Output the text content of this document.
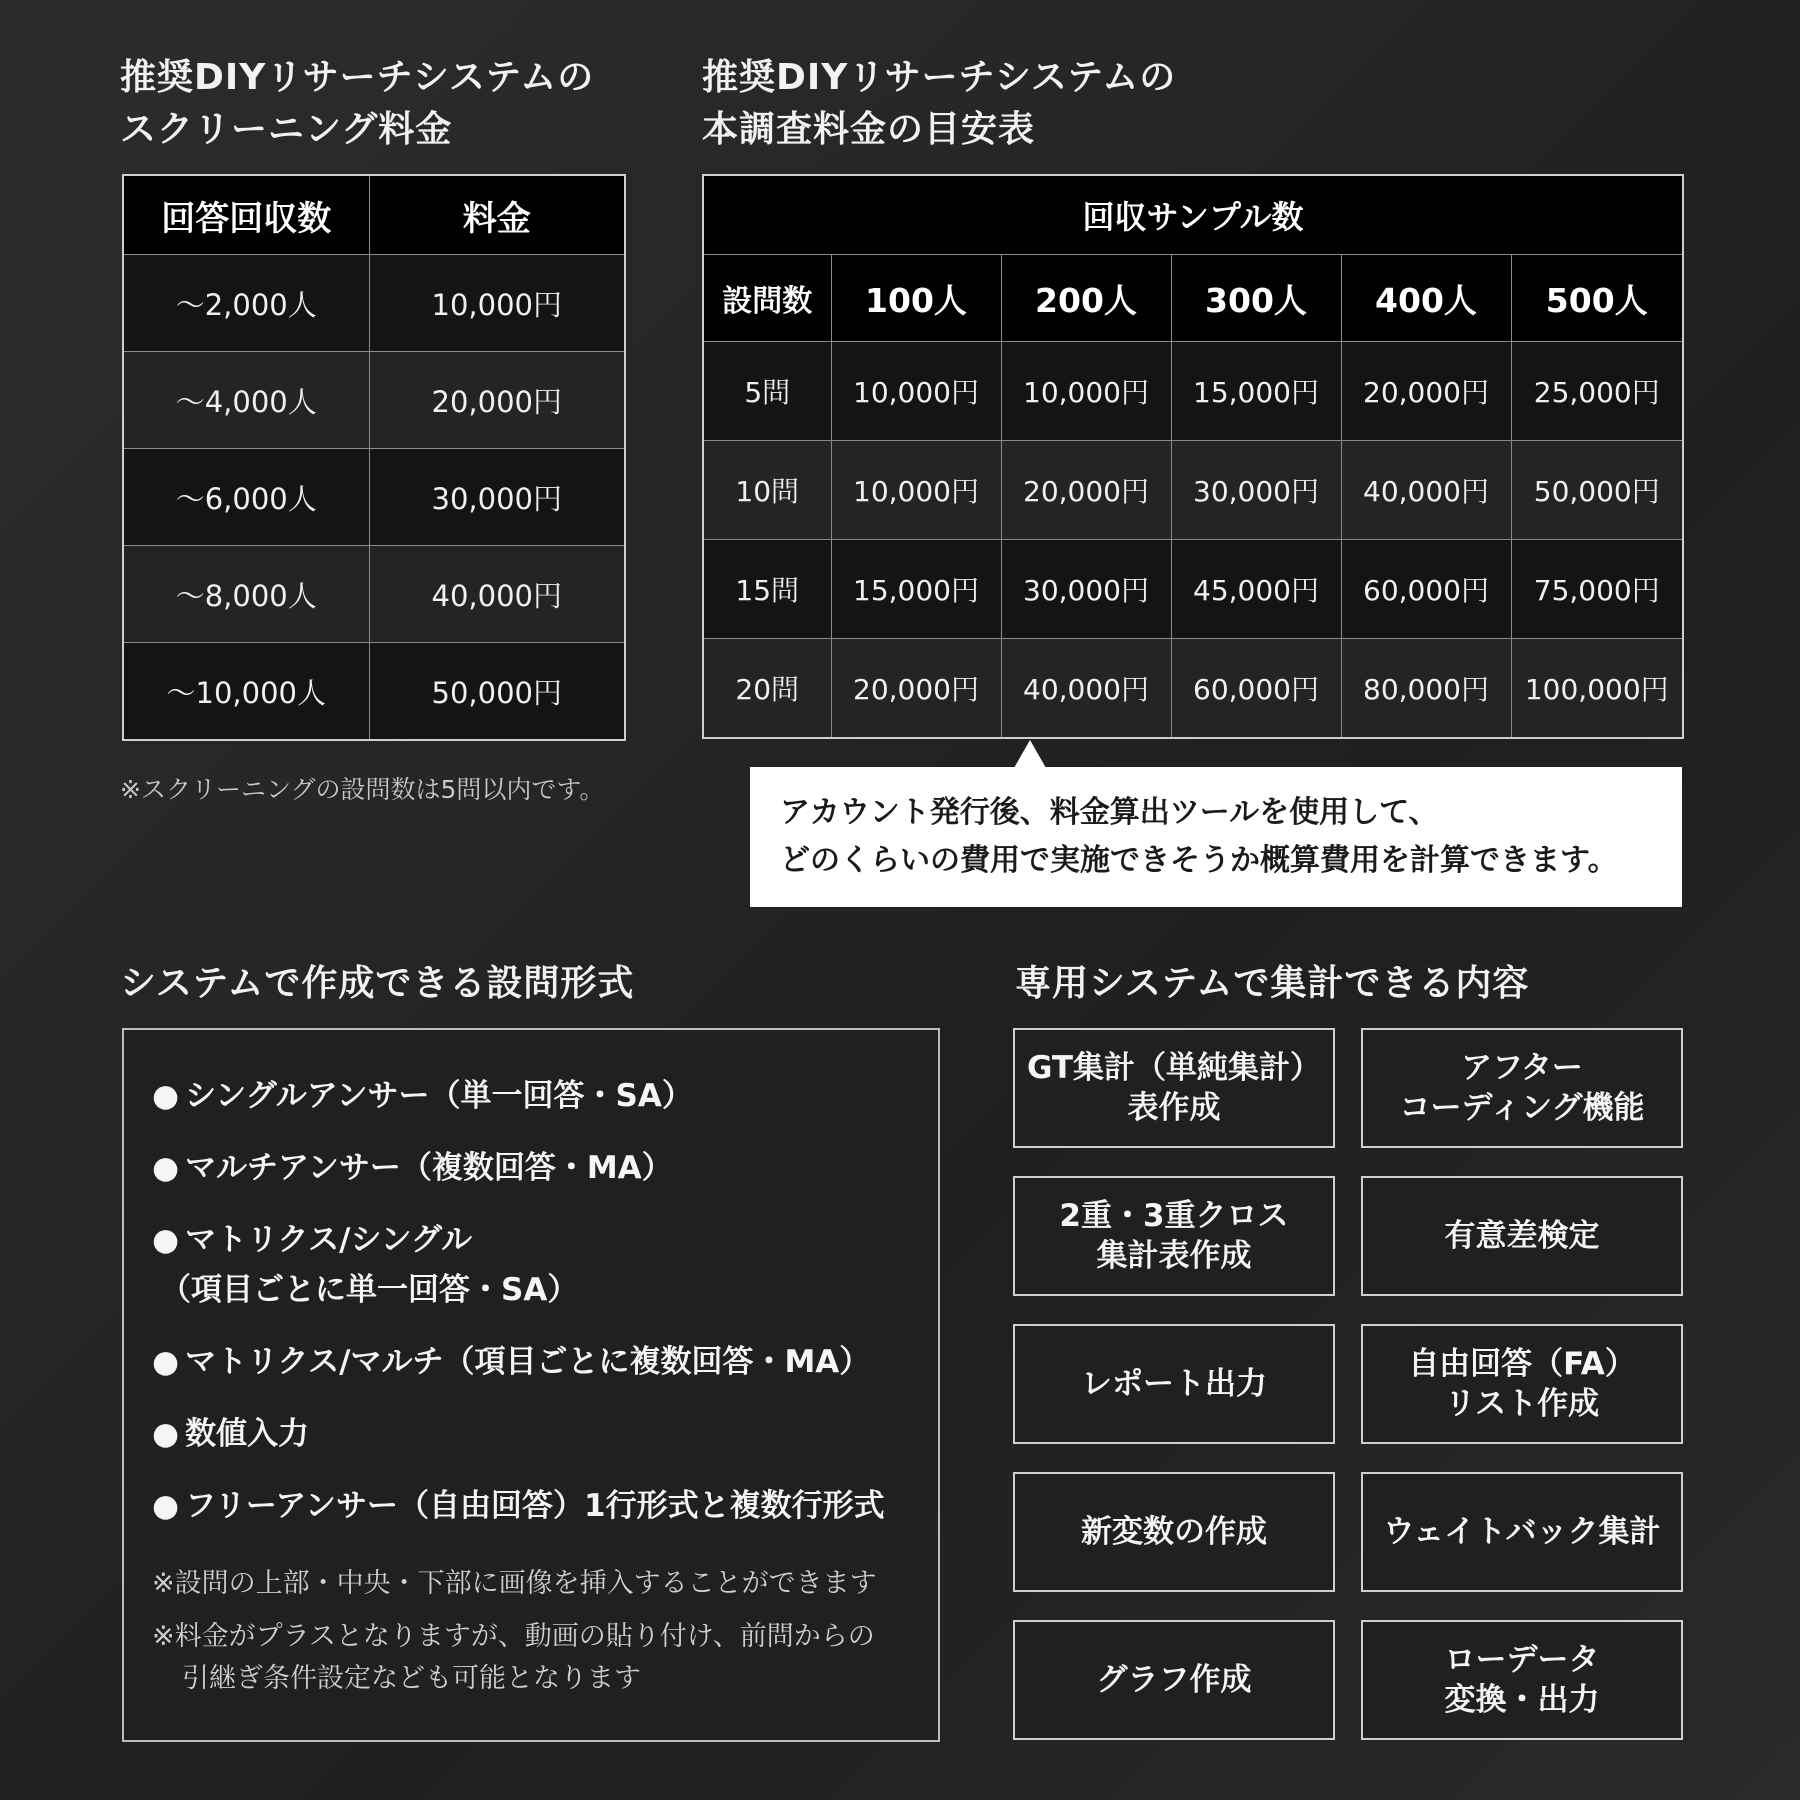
推奨DIYリサーチシステムの
スクリーニング料金
回答回収数	料金
～2,000人	10,000円
～4,000人	20,000円
～6,000人	30,000円
～8,000人	40,000円
～10,000人	50,000円
※スクリーニングの設問数は5問以内です。
推奨DIYリサーチシステムの
本調査料金の目安表
回収サンプル数					
設問数	100人	200人	300人	400人	500人
5問	10,000円	10,000円	15,000円	20,000円	25,000円
10問	10,000円	20,000円	30,000円	40,000円	50,000円
15問	15,000円	30,000円	45,000円	60,000円	75,000円
20問	20,000円	40,000円	60,000円	80,000円	100,000円
アカウント発行後、料金算出ツールを使用して、
どのくらいの費用で実施できそうか概算費用を計算できます。
システムで作成できる設問形式
● シングルアンサー（単一回答・SA）
● マルチアンサー（複数回答・MA）
● マトリクス/シングル
（項目ごとに単一回答・SA）
● マトリクス/マルチ（項目ごとに複数回答・MA）
● 数値入力
● フリーアンサー（自由回答）1行形式と複数行形式
※設問の上部・中央・下部に画像を挿入することができます
※料金がプラスとなりますが、動画の貼り付け、前問からの
引継ぎ条件設定なども可能となります
専用システムで集計できる内容
GT集計（単純集計）
表作成
アフター
コーディング機能
2重・3重クロス
集計表作成
有意差検定
レポート出力
自由回答（FA）
リスト作成
新変数の作成	ウェイトバック集計
グラフ作成
ローデータ
変換・出力
